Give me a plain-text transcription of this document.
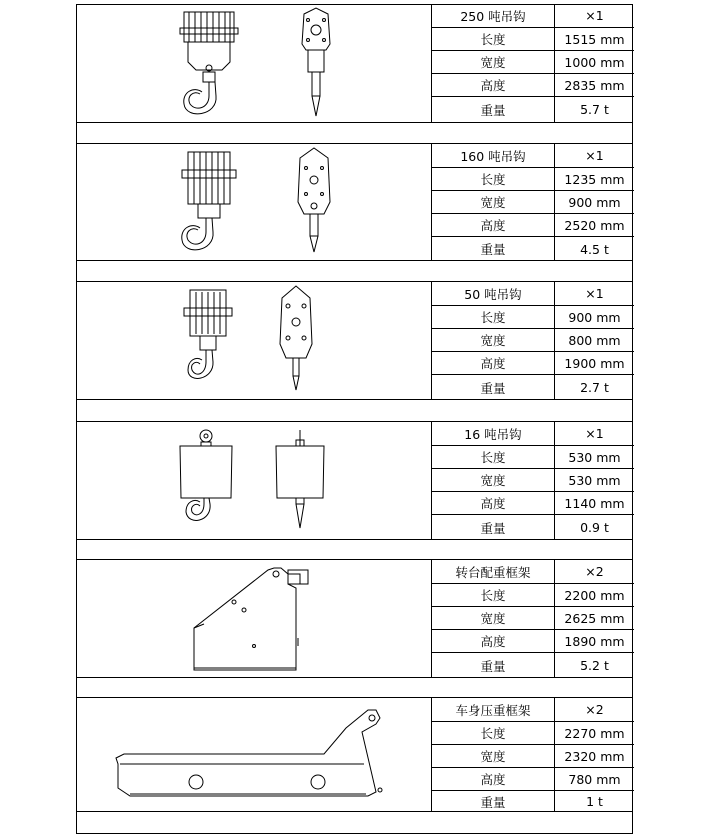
250 吨吊钩	×1
长度	1515 mm
宽度	1000 mm
高度	2835 mm
重量	5.7 t
160 吨吊钩	×1
长度	1235 mm
宽度	900 mm
高度	2520 mm
重量	4.5 t
50 吨吊钩	×1
长度	900 mm
宽度	800 mm
高度	1900 mm
重量	2.7 t
16 吨吊钩	×1
长度	530 mm
宽度	530 mm
高度	1140 mm
重量	0.9 t
转台配重框架	×2
长度	2200 mm
宽度	2625 mm
高度	1890 mm
重量	5.2 t
车身压重框架	×2
长度	2270 mm
宽度	2320 mm
高度	780 mm
重量	1 t
